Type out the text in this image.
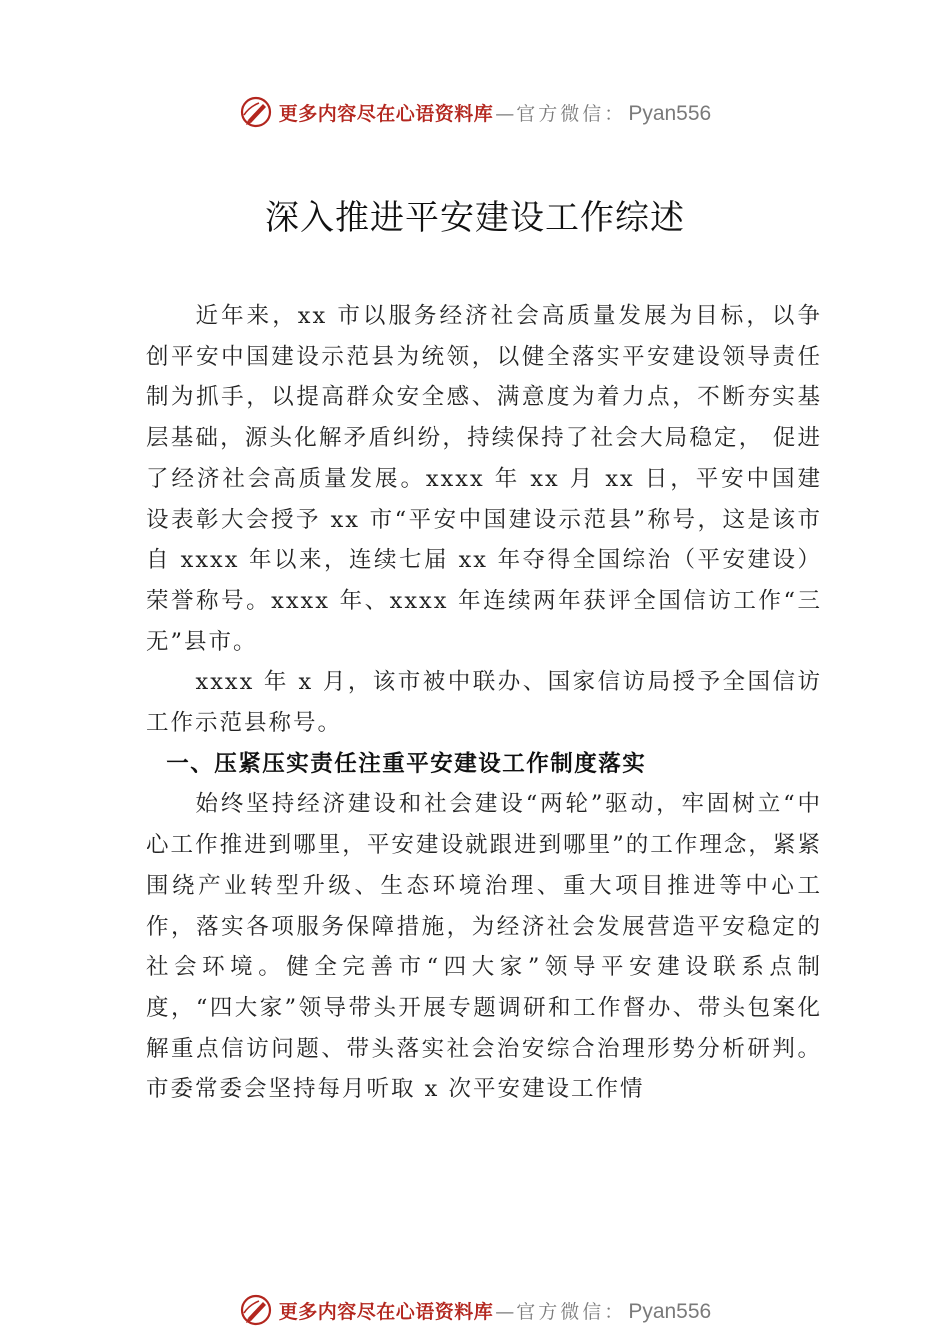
更多内容尽在心语资料库 — 官方微信： Pyan556
深入推进平安建设工作综述

近年来，xx 市以服务经济社会高质量发展为目标，以争创平安中国建设示范县为统领，以健全落实平安建设领导责任制为抓手，以提高群众安全感、满意度为着力点，不断夯实基层基础，源头化解矛盾纠纷，持续保持了社会大局稳定， 促进了经济社会高质量发展。xxxx 年 xx 月 xx 日，平安中国建设表彰大会授予 xx 市“平安中国建设示范县”称号，这是该市自 xxxx 年以来，连续七届 xx 年夺得全国综治（平安建设）荣誉称号。xxxx 年、xxxx 年连续两年获评全国信访工作“三无”县市。

xxxx 年 x 月，该市被中联办、国家信访局授予全国信访工作示范县称号。

一、压紧压实责任注重平安建设工作制度落实

始终坚持经济建设和社会建设“两轮”驱动，牢固树立“中心工作推进到哪里，平安建设就跟进到哪里”的工作理念，紧紧围绕产业转型升级、生态环境治理、重大项目推进等中心工作，落实各项服务保障措施，为经济社会发展营造平安稳定的社会环境。健全完善市“四大家”领导平安建设联系点制度，“四大家”领导带头开展专题调研和工作督办、带头包案化解重点信访问题、带头落实社会治安综合治理形势分析研判。市委常委会坚持每月听取 x 次平安建设工作情

更多内容尽在心语资料库 — 官方微信： Pyan556
